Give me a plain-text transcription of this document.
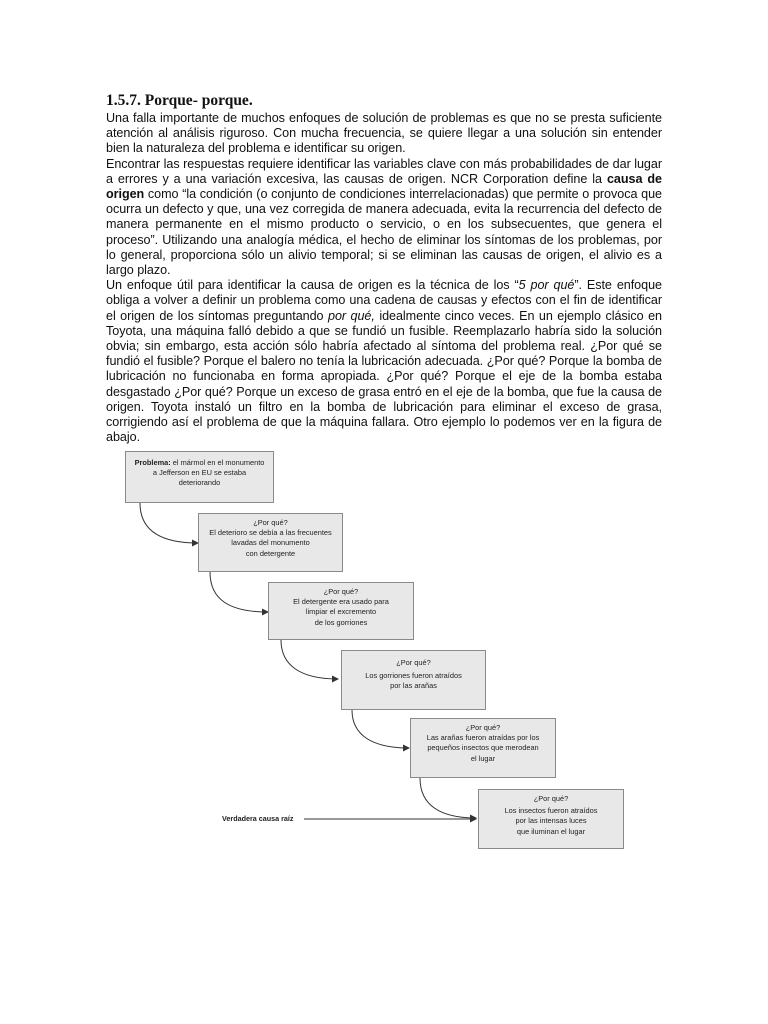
1.5.7. Porque- porque.

Una falla importante de muchos enfoques de solución de problemas es que no se presta suficiente atención al análisis riguroso. Con mucha frecuencia, se quiere llegar a una solución sin entender bien la naturaleza del problema e identificar su origen.

Encontrar las respuestas requiere identificar las variables clave con más probabilidades de dar lugar a errores y a una variación excesiva, las causas de origen. NCR Corporation define la causa de origen como “la condición (o conjunto de condiciones interrelacionadas) que permite o provoca que ocurra un defecto y que, una vez corregida de manera adecuada, evita la recurrencia del defecto de manera permanente en el mismo producto o servicio, o en los subsecuentes, que genera el proceso”. Utilizando una analogía médica, el hecho de eliminar los síntomas de los problemas, por lo general, proporciona sólo un alivio temporal; si se eliminan las causas de origen, el alivio es a largo plazo.

Un enfoque útil para identificar la causa de origen es la técnica de los “5 por qué”. Este enfoque obliga a volver a definir un problema como una cadena de causas y efectos con el fin de identificar el origen de los síntomas preguntando por qué, idealmente cinco veces. En un ejemplo clásico en Toyota, una máquina falló debido a que se fundió un fusible. Reemplazarlo habría sido la solución obvia; sin embargo, esta acción sólo habría afectado al síntoma del problema real. ¿Por qué se fundió el fusible? Porque el balero no tenía la lubricación adecuada. ¿Por qué? Porque la bomba de lubricación no funcionaba en forma apropiada. ¿Por qué? Porque el eje de la bomba estaba desgastado ¿Por qué? Porque un exceso de grasa entró en el eje de la bomba, que fue la causa de origen. Toyota instaló un filtro en la bomba de lubricación para eliminar el exceso de grasa, corrigiendo así el problema de que la máquina fallara. Otro ejemplo lo podemos ver en la figura de abajo.

Problema: el mármol en el monumento
a Jefferson en EU se estaba
deteriorando
¿Por qué?
El deterioro se debía a las frecuentes
lavadas del monumento
con detergente
¿Por qué?
El detergente era usado para
limpiar el excremento
de los gorriones
¿Por qué?
Los gorriones fueron atraídos
por las arañas
¿Por qué?
Las arañas fueron atraídas por los
pequeños insectos que merodean
el lugar
¿Por qué?
Los insectos fueron atraídos
por las intensas luces
que iluminan el lugar
Verdadera causa raíz
